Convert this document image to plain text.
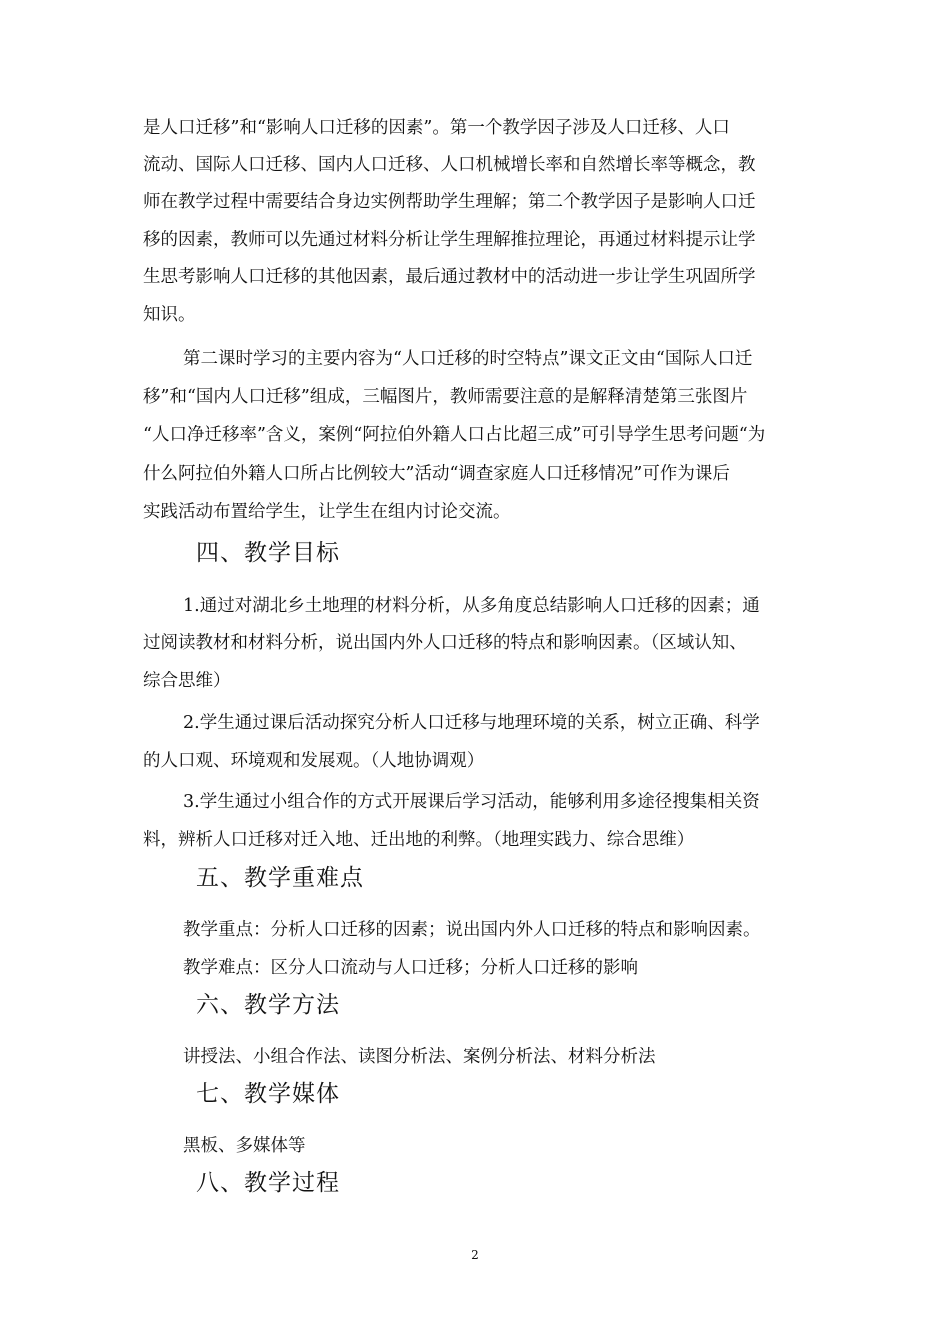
是人口迁移”和“影响人口迁移的因素”。第一个教学因子涉及人口迁移、人口
流动、国际人口迁移、国内人口迁移、人口机械增长率和自然增长率等概念，教
师在教学过程中需要结合身边实例帮助学生理解；第二个教学因子是影响人口迁
移的因素，教师可以先通过材料分析让学生理解推拉理论，再通过材料提示让学
生思考影响人口迁移的其他因素，最后通过教材中的活动进一步让学生巩固所学
知识。
第二课时学习的主要内容为“人口迁移的时空特点”课文正文由“国际人口迁
移”和“国内人口迁移”组成，三幅图片，教师需要注意的是解释清楚第三张图片
“人口净迁移率”含义，案例“阿拉伯外籍人口占比超三成”可引导学生思考问题“为
什么阿拉伯外籍人口所占比例较大”活动“调查家庭人口迁移情况”可作为课后
实践活动布置给学生，让学生在组内讨论交流。
四、教学目标
1.通过对湖北乡土地理的材料分析，从多角度总结影响人口迁移的因素；通
过阅读教材和材料分析，说出国内外人口迁移的特点和影响因素。（区域认知、
综合思维）
2.学生通过课后活动探究分析人口迁移与地理环境的关系，树立正确、科学
的人口观、环境观和发展观。（人地协调观）
3.学生通过小组合作的方式开展课后学习活动，能够利用多途径搜集相关资
料，辨析人口迁移对迁入地、迁出地的利弊。（地理实践力、综合思维）
五、教学重难点
教学重点：分析人口迁移的因素；说出国内外人口迁移的特点和影响因素。
教学难点：区分人口流动与人口迁移；分析人口迁移的影响
六、教学方法
讲授法、小组合作法、读图分析法、案例分析法、材料分析法
七、教学媒体
黑板、多媒体等
八、教学过程
2
